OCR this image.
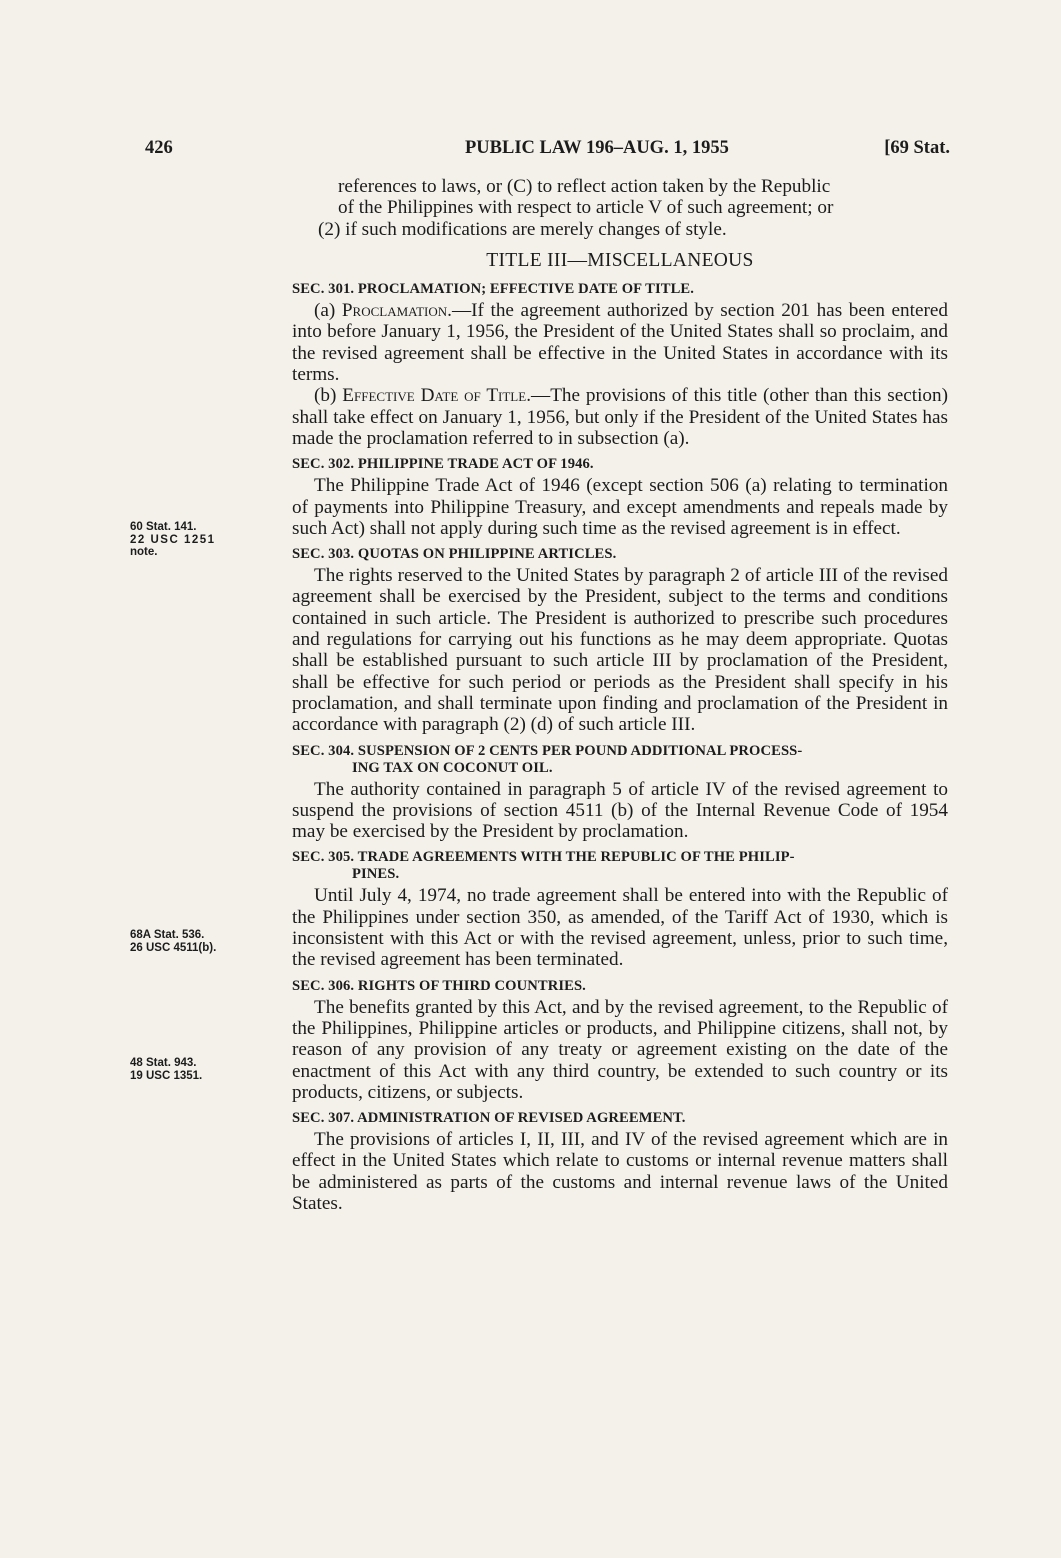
426	PUBLIC LAW 196–AUG. 1, 1955	[69 Stat.
60 Stat. 141.
22 USC 1251
note.
68A Stat. 536.
26 USC 4511(b).
48 Stat. 943.
19 USC 1351.

references to laws, or (C) to reflect action taken by the Republic
of the Philippines with respect to article V of such agreement; or

(2) if such modifications are merely changes of style.

TITLE III—MISCELLANEOUS
SEC. 301. PROCLAMATION; EFFECTIVE DATE OF TITLE.

(a) Proclamation.—If the agreement authorized by section 201 has been entered into before January 1, 1956, the President of the United States shall so proclaim, and the revised agreement shall be effective in the United States in accordance with its terms.

(b) Effective Date of Title.—The provisions of this title (other than this section) shall take effect on January 1, 1956, but only if the President of the United States has made the proclamation referred to in subsection (a).

SEC. 302. PHILIPPINE TRADE ACT OF 1946.

The Philippine Trade Act of 1946 (except section 506 (a) relating to termination of payments into Philippine Treasury, and except amendments and repeals made by such Act) shall not apply during such time as the revised agreement is in effect.

SEC. 303. QUOTAS ON PHILIPPINE ARTICLES.

The rights reserved to the United States by paragraph 2 of article III of the revised agreement shall be exercised by the President, subject to the terms and conditions contained in such article. The President is authorized to prescribe such procedures and regulations for carrying out his functions as he may deem appropriate. Quotas shall be established pursuant to such article III by proclamation of the President, shall be effective for such period or periods as the President shall specify in his proclamation, and shall terminate upon finding and proclamation of the President in accordance with paragraph (2) (d) of such article III.

SEC. 304. SUSPENSION OF 2 CENTS PER POUND ADDITIONAL PROCESS-
ING TAX ON COCONUT OIL.

The authority contained in paragraph 5 of article IV of the revised agreement to suspend the provisions of section 4511 (b) of the Internal Revenue Code of 1954 may be exercised by the President by proclamation.

SEC. 305. TRADE AGREEMENTS WITH THE REPUBLIC OF THE PHILIP-
PINES.

Until July 4, 1974, no trade agreement shall be entered into with the Republic of the Philippines under section 350, as amended, of the Tariff Act of 1930, which is inconsistent with this Act or with the revised agreement, unless, prior to such time, the revised agreement has been terminated.

SEC. 306. RIGHTS OF THIRD COUNTRIES.

The benefits granted by this Act, and by the revised agreement, to the Republic of the Philippines, Philippine articles or products, and Philippine citizens, shall not, by reason of any provision of any treaty or agreement existing on the date of the enactment of this Act with any third country, be extended to such country or its products, citizens, or subjects.

SEC. 307. ADMINISTRATION OF REVISED AGREEMENT.

The provisions of articles I, II, III, and IV of the revised agreement which are in effect in the United States which relate to customs or internal revenue matters shall be administered as parts of the customs and internal revenue laws of the United States.
